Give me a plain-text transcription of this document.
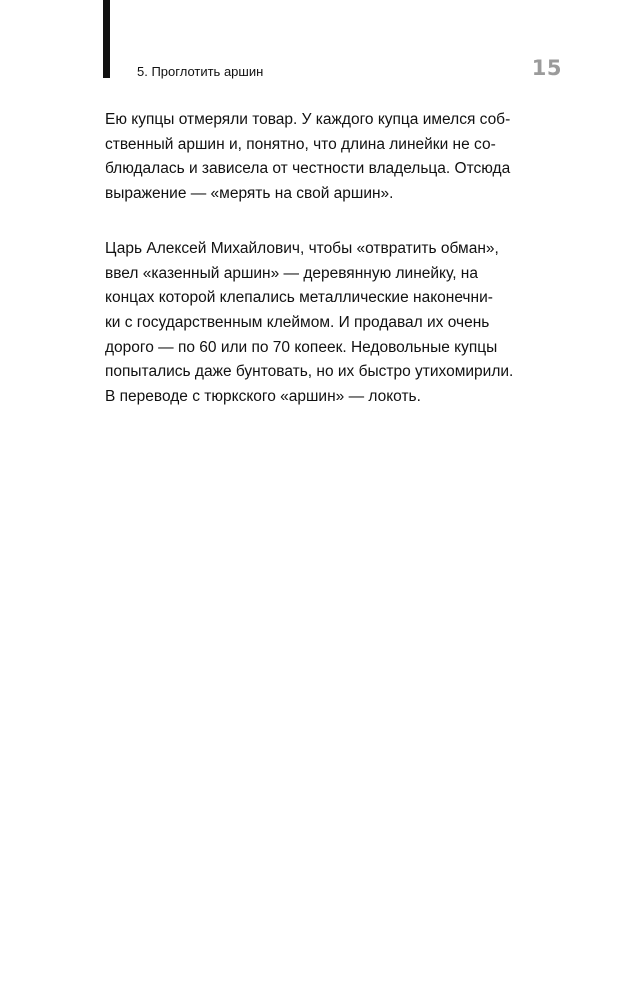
5. Проглотить аршин	15

Ею купцы отмеряли товар. У каждого купца имелся соб-
ственный аршин и, понятно, что длина линейки не со-
блюдалась и зависела от честности владельца. Отсюда
выражение — «мерять на свой аршин».

Царь Алексей Михайлович, чтобы «отвратить обман»,
ввел «казенный аршин» — деревянную линейку, на
концах которой клепались металлические наконечни-
ки с государственным клеймом. И продавал их очень
дорого — по 60 или по 70 копеек. Недовольные купцы
попытались даже бунтовать, но их быстро утихомирили.
В переводе с тюркского «аршин» — локоть.
